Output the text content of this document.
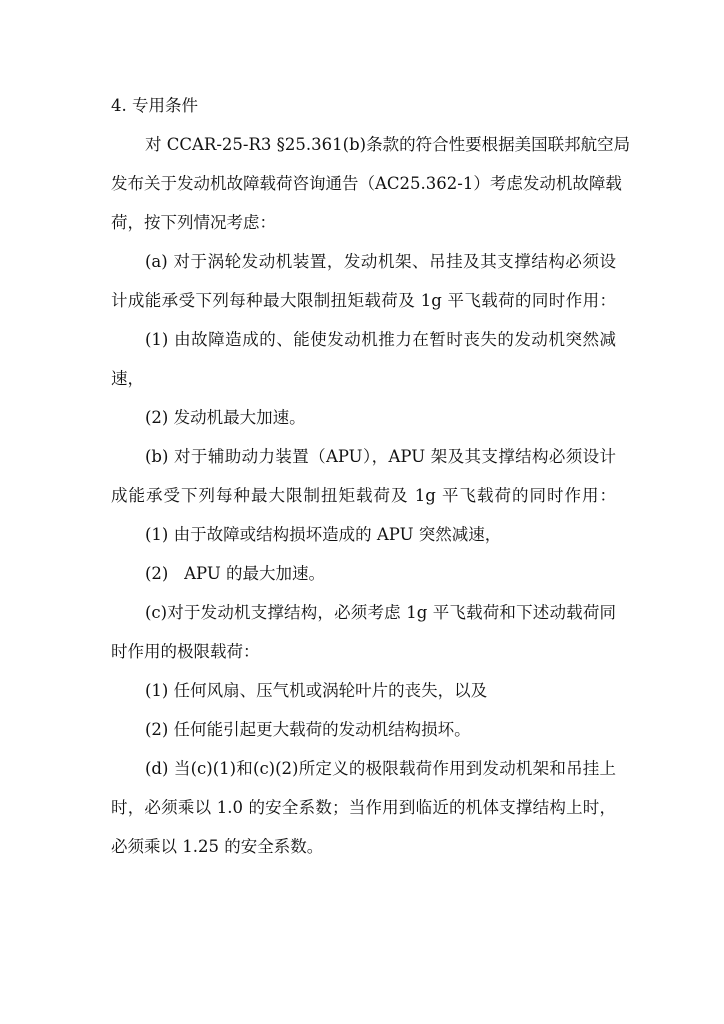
4. 专用条件
对 CCAR-25-R3 §25.361(b)条款的符合性要根据美国联邦航空局
发布关于发动机故障载荷咨询通告（AC25.362-1）考虑发动机故障载
荷，按下列情况考虑：
(a) 对于涡轮发动机装置，发动机架、吊挂及其支撑结构必须设
计成能承受下列每种最大限制扭矩载荷及 1g 平飞载荷的同时作用：
(1) 由故障造成的、能使发动机推力在暂时丧失的发动机突然减
速，
(2) 发动机最大加速。
(b) 对于辅助动力装置（APU），APU 架及其支撑结构必须设计
成能承受下列每种最大限制扭矩载荷及 1g 平飞载荷的同时作用：
(1) 由于故障或结构损坏造成的 APU 突然减速，
(2)   APU 的最大加速。
(c)对于发动机支撑结构，必须考虑 1g 平飞载荷和下述动载荷同
时作用的极限载荷：
(1) 任何风扇、压气机或涡轮叶片的丧失，以及
(2) 任何能引起更大载荷的发动机结构损坏。
(d) 当(c)(1)和(c)(2)所定义的极限载荷作用到发动机架和吊挂上
时，必须乘以 1.0 的安全系数；当作用到临近的机体支撑结构上时，
必须乘以 1.25 的安全系数。
